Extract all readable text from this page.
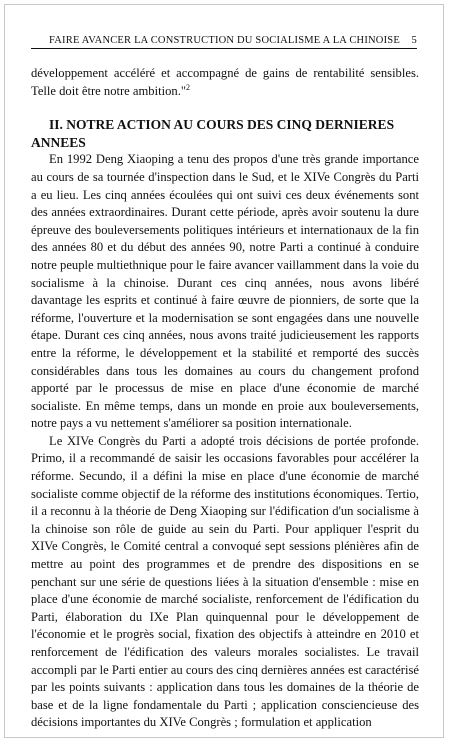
FAIRE AVANCER LA CONSTRUCTION DU SOCIALISME A LA CHINOISE 5

développement accéléré et accompagné de gains de rentabilité sensibles. Telle doit être notre ambition."$^2$

II. NOTRE ACTION AU COURS DES CINQ DERNIERES ANNEES

En 1992 Deng Xiaoping a tenu des propos d'une très grande importance au cours de sa tournée d'inspection dans le Sud, et le XIVe Congrès du Parti a eu lieu. Les cinq années écoulées qui ont suivi ces deux événements sont des années extraordinaires. Durant cette période, après avoir soutenu la dure épreuve des bouleversements politiques intérieurs et internationaux de la fin des années 80 et du début des années 90, notre Parti a continué à conduire notre peuple multiethnique pour le faire avancer vaillamment dans la voie du socialisme à la chinoise. Durant ces cinq années, nous avons libéré davantage les esprits et continué à faire œuvre de pionniers, de sorte que la réforme, l'ouverture et la modernisation se sont engagées dans une nouvelle étape. Durant ces cinq années, nous avons traité judicieusement les rapports entre la réforme, le développement et la stabilité et remporté des succès considérables dans tous les domaines au cours du changement profond apporté par le processus de mise en place d'une économie de marché socialiste. En même temps, dans un monde en proie aux bouleversements, notre pays a vu nettement s'améliorer sa position internationale.

Le XIVe Congrès du Parti a adopté trois décisions de portée profonde. Primo, il a recommandé de saisir les occasions favorables pour accélérer la réforme. Secundo, il a défini la mise en place d'une économie de marché socialiste comme objectif de la réforme des institutions économiques. Tertio, il a reconnu à la théorie de Deng Xiaoping sur l'édification d'un socialisme à la chinoise son rôle de guide au sein du Parti. Pour appliquer l'esprit du XIVe Congrès, le Comité central a convoqué sept sessions plénières afin de mettre au point des programmes et de prendre des dispositions en se penchant sur une série de questions liées à la situation d'ensemble : mise en place d'une économie de marché socialiste, renforcement de l'édification du Parti, élaboration du IXe Plan quinquennal pour le développement de l'économie et le progrès social, fixation des objectifs à atteindre en 2010 et renforcement de l'édification des valeurs morales socialistes. Le travail accompli par le Parti entier au cours des cinq dernières années est caractérisé par les points suivants : application dans tous les domaines de la théorie de base et de la ligne fondamentale du Parti ; application consciencieuse des décisions importantes du XIVe Congrès ; formulation et application
